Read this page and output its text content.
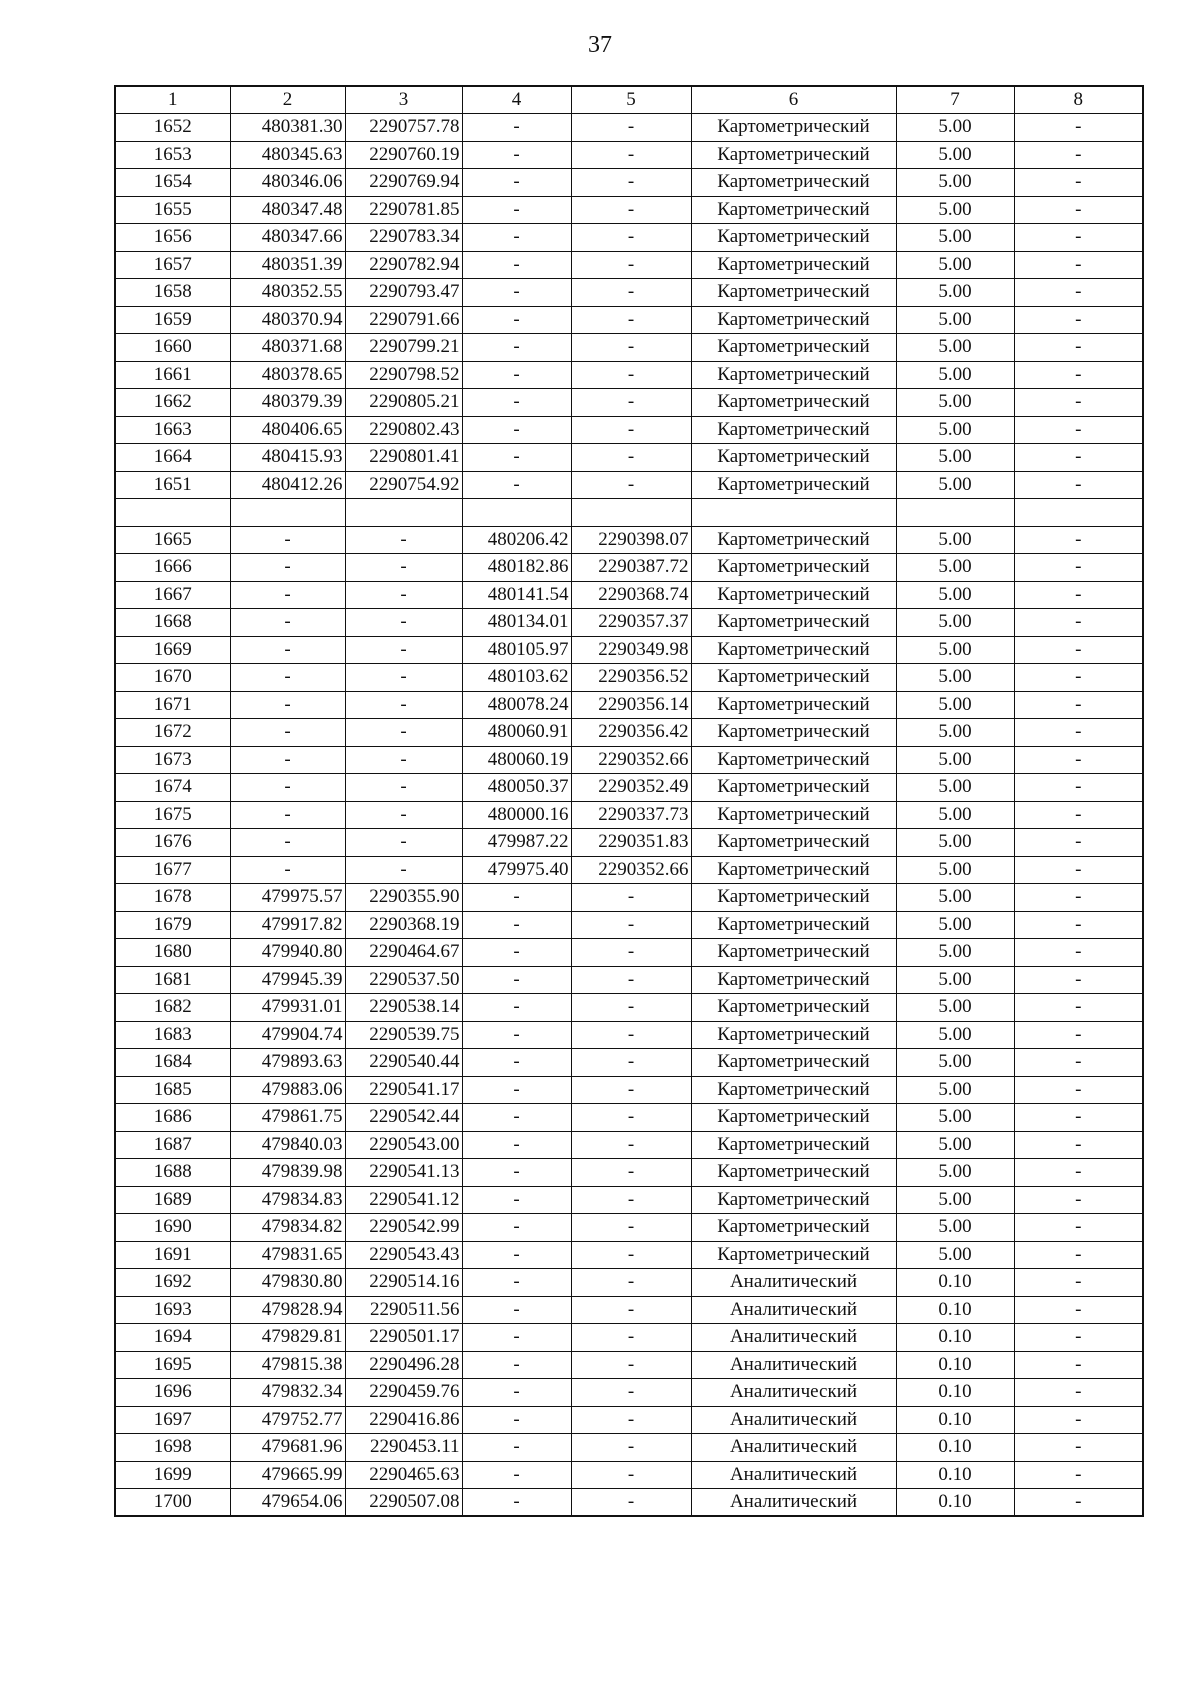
37
1	2	3	4	5	6	7	8
1652	480381.30	2290757.78	-	-	Картометрический	5.00	-
1653	480345.63	2290760.19	-	-	Картометрический	5.00	-
1654	480346.06	2290769.94	-	-	Картометрический	5.00	-
1655	480347.48	2290781.85	-	-	Картометрический	5.00	-
1656	480347.66	2290783.34	-	-	Картометрический	5.00	-
1657	480351.39	2290782.94	-	-	Картометрический	5.00	-
1658	480352.55	2290793.47	-	-	Картометрический	5.00	-
1659	480370.94	2290791.66	-	-	Картометрический	5.00	-
1660	480371.68	2290799.21	-	-	Картометрический	5.00	-
1661	480378.65	2290798.52	-	-	Картометрический	5.00	-
1662	480379.39	2290805.21	-	-	Картометрический	5.00	-
1663	480406.65	2290802.43	-	-	Картометрический	5.00	-
1664	480415.93	2290801.41	-	-	Картометрический	5.00	-
1651	480412.26	2290754.92	-	-	Картометрический	5.00	-

1665	-	-	480206.42	2290398.07	Картометрический	5.00	-
1666	-	-	480182.86	2290387.72	Картометрический	5.00	-
1667	-	-	480141.54	2290368.74	Картометрический	5.00	-
1668	-	-	480134.01	2290357.37	Картометрический	5.00	-
1669	-	-	480105.97	2290349.98	Картометрический	5.00	-
1670	-	-	480103.62	2290356.52	Картометрический	5.00	-
1671	-	-	480078.24	2290356.14	Картометрический	5.00	-
1672	-	-	480060.91	2290356.42	Картометрический	5.00	-
1673	-	-	480060.19	2290352.66	Картометрический	5.00	-
1674	-	-	480050.37	2290352.49	Картометрический	5.00	-
1675	-	-	480000.16	2290337.73	Картометрический	5.00	-
1676	-	-	479987.22	2290351.83	Картометрический	5.00	-
1677	-	-	479975.40	2290352.66	Картометрический	5.00	-
1678	479975.57	2290355.90	-	-	Картометрический	5.00	-
1679	479917.82	2290368.19	-	-	Картометрический	5.00	-
1680	479940.80	2290464.67	-	-	Картометрический	5.00	-
1681	479945.39	2290537.50	-	-	Картометрический	5.00	-
1682	479931.01	2290538.14	-	-	Картометрический	5.00	-
1683	479904.74	2290539.75	-	-	Картометрический	5.00	-
1684	479893.63	2290540.44	-	-	Картометрический	5.00	-
1685	479883.06	2290541.17	-	-	Картометрический	5.00	-
1686	479861.75	2290542.44	-	-	Картометрический	5.00	-
1687	479840.03	2290543.00	-	-	Картометрический	5.00	-
1688	479839.98	2290541.13	-	-	Картометрический	5.00	-
1689	479834.83	2290541.12	-	-	Картометрический	5.00	-
1690	479834.82	2290542.99	-	-	Картометрический	5.00	-
1691	479831.65	2290543.43	-	-	Картометрический	5.00	-
1692	479830.80	2290514.16	-	-	Аналитический	0.10	-
1693	479828.94	2290511.56	-	-	Аналитический	0.10	-
1694	479829.81	2290501.17	-	-	Аналитический	0.10	-
1695	479815.38	2290496.28	-	-	Аналитический	0.10	-
1696	479832.34	2290459.76	-	-	Аналитический	0.10	-
1697	479752.77	2290416.86	-	-	Аналитический	0.10	-
1698	479681.96	2290453.11	-	-	Аналитический	0.10	-
1699	479665.99	2290465.63	-	-	Аналитический	0.10	-
1700	479654.06	2290507.08	-	-	Аналитический	0.10	-
